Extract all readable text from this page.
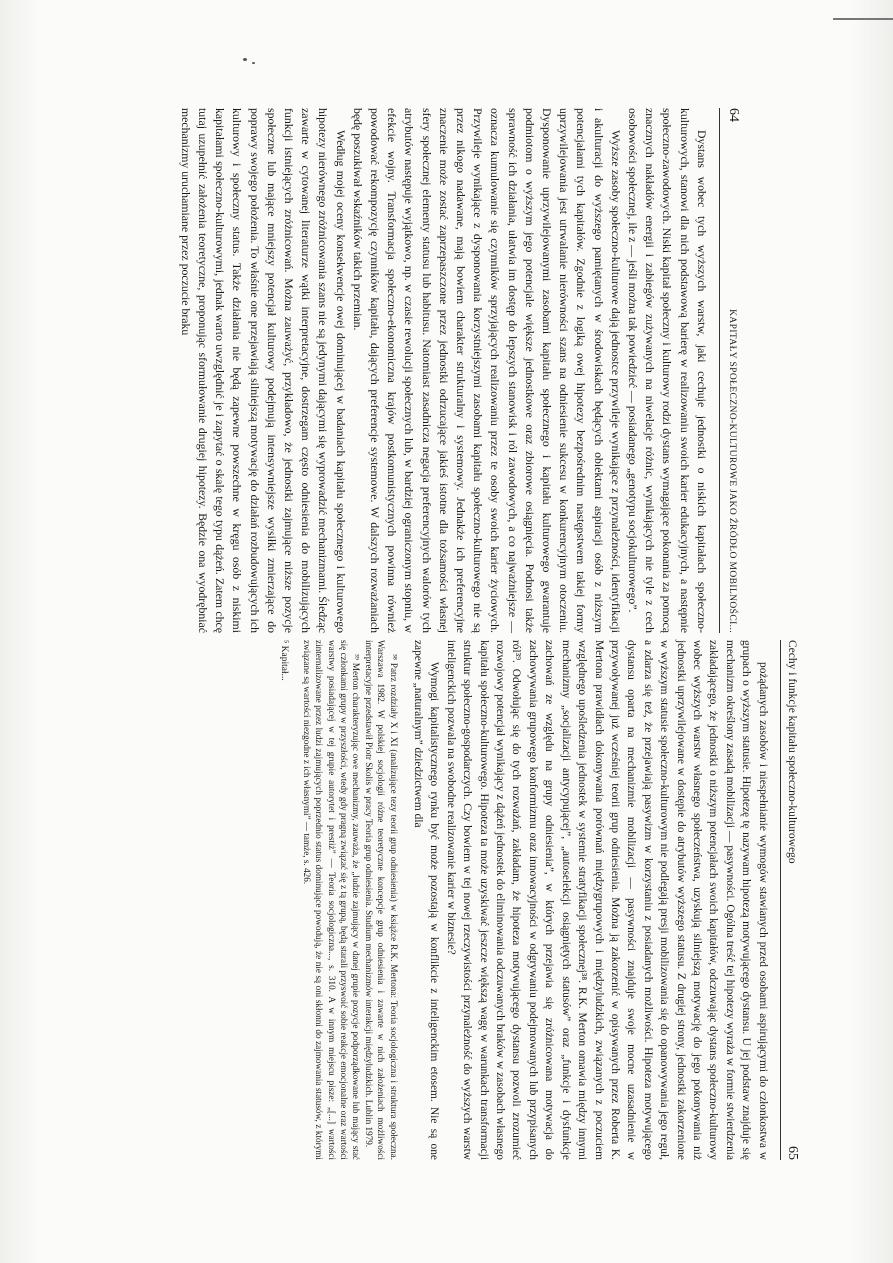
64
KAPITAŁY SPOŁECZNO-KULTUROWE JAKO ŹRÓDŁO MOBILNOŚCI...

Dystans wobec tych wyższych warstw, jaki cechuje jednostki o niskich kapitałach społeczno-kulturowych, stanowi dla nich podstawową barierę w realizowaniu swoich karier edukacyjnych, a następnie społeczno-zawodowych. Niski kapitał społeczny i kulturowy rodzi dystans wymagające pokonania za pomocą znacznych nakładów energii i zabiegów zużywanych na niwelacje różnic, wynikających nie tyle z cech osobowości społecznej, ile z — jeśli można tak powiedzieć — posiadanego „genotypu socjokulturowego”.

Wyższe zasoby społeczno-kulturowe dają jednostce przywileje wynikające z przynależności, identyfikacji i akulturacji do wyższego pamiętanych w środowiskach będących obiektami aspiracji osób z niższym potencjałami tych kapitałów. Zgodnie z logiką owej hipotezy bezpośrednim następstwem takiej formy uprzywilejowania jest utrwalanie nierówności szans na odniesienie sukcesu w konkurencyjnym otoczeniu. Dysponowanie uprzywilejowanymi zasobami kapitału społecznego i kapitału kulturowego gwarantuje podmiotom o wyższym jego potencjale większe jednostkowe oraz zbiorowe osiągnięcia. Podnosi także sprawność ich działania, ułatwia im dostęp do lepszych stanowisk i ról zawodowych, a co najważniejsze — oznacza kumulowanie się czynników sprzyjających realizowaniu przez te osoby swoich karier życiowych. Przywileje wynikające z dysponowania korzystniejszymi zasobami kapitału społeczno-kulturowego nie są przez nikogo nadawane, mają bowiem charakter strukturalny i systemowy. Jednakże ich preferencyjne znaczenie może zostać zaprzepaszczone przez jednostki odrzucające jakieś istotne dla tożsamości własnej sfery społecznej elementy statusu lub habitusu. Natomiast zasadnicza negacja preferencyjnych walorów tych atrybutów następuje wyjątkowo, np. w czasie rewolucji społecznych lub, w bardziej ograniczonym stopniu, w efekcie wojny. Transformacja społeczno-ekonomiczna krajów postkomunistycznych powinna również powodować rekompozycję czynników kapitału, dających preferencje systemowe. W dalszych rozważaniach będę poszukiwał wskaźników takich przemian.

Według mojej oceny konsekwencje owej dominującej w badaniach kapitału społecznego i kulturowego hipotezy nierównego zróżnicowania szans nie są jedynymi dającymi się wyprowadzić mechanizmami. Śledząc zawarte w cytowanej literaturze wątki interpretacyjne, dostrzegam często odniesienia do mobilizujących funkcji istniejących zróżnicowań. Można zauważyć, przykładowo, że jednostki zajmujące niższe pozycje społeczne lub mające mniejszy potencjał kulturowy podejmują intensywniejsze wysiłki zmierzające do poprawy swojego położenia. To właśnie one przejawiają silniejszą motywację do działań rozbudowujących ich kulturowy i społeczny status. Także działania nie będą zapewne powszechne w kręgu osób z niskimi kapitałami społeczno-kulturowymi, jednak warto uwzględnić je i zapytać o skalę tego typu dążeń. Zatem chcę tutaj uzupełnić założenia teoretyczne, proponując sformułowanie drugiej hipotezy. Będzie ona wyodrębniać mechanizmy uruchamiane przez poczucie braku

Cechy i funkcje kapitału społeczno-kulturowego
65

pożądanych zasobów i niespełnianie wymogów stawianych przed osobami aspirującymi do członkostwa w grupach o wyższym statusie. Hipotezę tę nazywam hipotezą motywującego dystansu. U jej podstaw znajduje się mechanizm określony zasadą mobilizacji — pasywności. Ogólna treść tej hipotezy wyraża w formie stwierdzenia zakładającego, że jednostki o niższym potencjałach swoich kapitałów, odczuwając dystans społeczno-kulturowy wobec wyższych warstw własnego społeczeństwa, uzyskują silniejszą motywację do jego pokonywania niż jednostki uprzywilejowane w dostępie do atrybutów wyższego statusu. Z drugiej strony, jednostki zakorzenione w wyższym statusie społeczno-kulturowym nie podlegają presji mobilizowania się do opanowywania jego reguł, a zdarza się też, że przejawiają pasywizm w korzystaniu z posiadanych możliwości. Hipoteza motywującego dystansu oparta na mechanizmie mobilizacji — pasywności znajduje swoje mocne uzasadnienie w przywoływanej już wcześniej teorii grup odniesienia. Można ją zakorzenić w opisywanych przez Roberta K. Mertona prawidłach dokonywania porównań międzygrupowych i międzyludzkich, związanych z poczuciem względnego upośledzenia jednostek w systemie stratyfikacji społecznej³⁸. R.K. Merton omawia między innymi mechanizmy „socjalizacji antycypującej”, „autoselekcji osiągniętych statusów” oraz „funkcje i dysfunkcje zachowań ze względu na grupy odniesienia”, w których przejawia się zróżnicowana motywacja do zachowywania grupowego konformizmu oraz innowacyjności w odgrywaniu podejmowanych lub przypisanych ról³⁹. Odwołując się do tych rozważań, zakładam, że hipoteza motywującego dystansu pozwoli zrozumieć rozwojowy potencjał wynikający z dążeń jednostek do eliminowania odczuwanych braków w zasobach własnego kapitału społeczno-kulturowego. Hipoteza ta może uzyskiwać jeszcze większą wagę w warunkach transformacji struktur społeczno-gospodarczych. Czy bowiem w tej nowej rzeczywistości przynależność do wyższych warstw inteligenckich pozwala na swobodne realizowanie karier w biznesie?

Wymogi kapitalistycznego rynku być może pozostają w konflikcie z inteligenckim etosem. Nie są one zapewne „naturalnym” dziedzictwem dla

³⁸ Patrz rozdziały X i XI (analizujące tezy teorii grup odniesienia) w książce R.K. Mertona: Teoria socjologiczna i struktura społeczna. Warszawa 1982. W polskiej socjologii różne teoretyczne koncepcje grup odniesienia i zawarte w nich założeniach możliwości interpretacyjne przedstawił Piotr Skolis w pracy Teoria grup odniesienia. Studium mechanizmów interakcji międzyludzkich. Lublin 1979.

³⁹ Merton charakteryzując owe mechanizmy, zauważa, że „ludzie zajmujący w danej grupie pozycje podporządkowane lub mający stać się członkami grupy w przyszłości, wtedy gdy pragną związać się z tą grupą, będą starali przyswoić sobie reakcje emocjonalne oraz wartości warstwy posiadającej w tej grupie autorytet i prestiż” — Teoria socjologiczna..., s. 310. A w innym miejscu pisze: „[...] wartości zinternalizowane przez ludzi zajmujących poprzednio status dominujące powodują, że nie są oni skłonni do zajmowania statusów, z którymi związane są wartości niezgodne z ich własnymi” — tamże, s. 426.

⁵ Kapitał...
